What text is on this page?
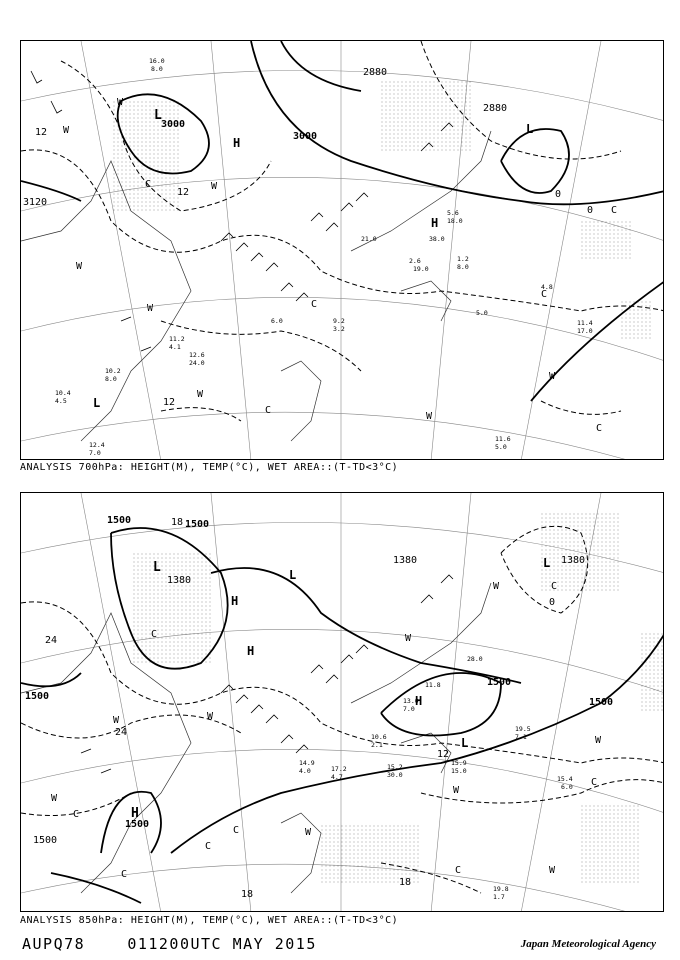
3000
3000
2880
2880
3120
L
H
H
L
L
W
W
W
W
W
W
W
W
C
C
C
C
C
C
12
12	0
0
12
16.0
8.0
6.0	9.2
3.2
5.0
21.0
4.8
11.4
17.0
11.6
5.0
12.4
7.0
10.4
4.5
11.2
4.1
12.6
24.0
10.2
8.0
38.0
5.6
18.0
2.6
19.0
1.2
8.0
ANALYSIS 700hPa: HEIGHT(M), TEMP(°C), WET AREA::(T-TD<3°C)
1500	1500
1380
1380	1380
1500
1500
1500
1500
1500
L
H
H
L
H
L
L
H
W
W
W
W
W
W
W
W
W
C
C
C
C
C
C
C
C
18
18
24
24
12
18
0
15.2
30.0
17.2
4.7
14.9
4.0
15.4
6.0
19.8
1.7
11.8
28.0
13.0
7.0
10.6
2.1
19.5
7.1
15.9
15.0
ANALYSIS 850hPa: HEIGHT(M), TEMP(°C), WET AREA::(T-TD<3°C)
AUPQ78	011200UTC MAY 2015	Japan Meteorological Agency
